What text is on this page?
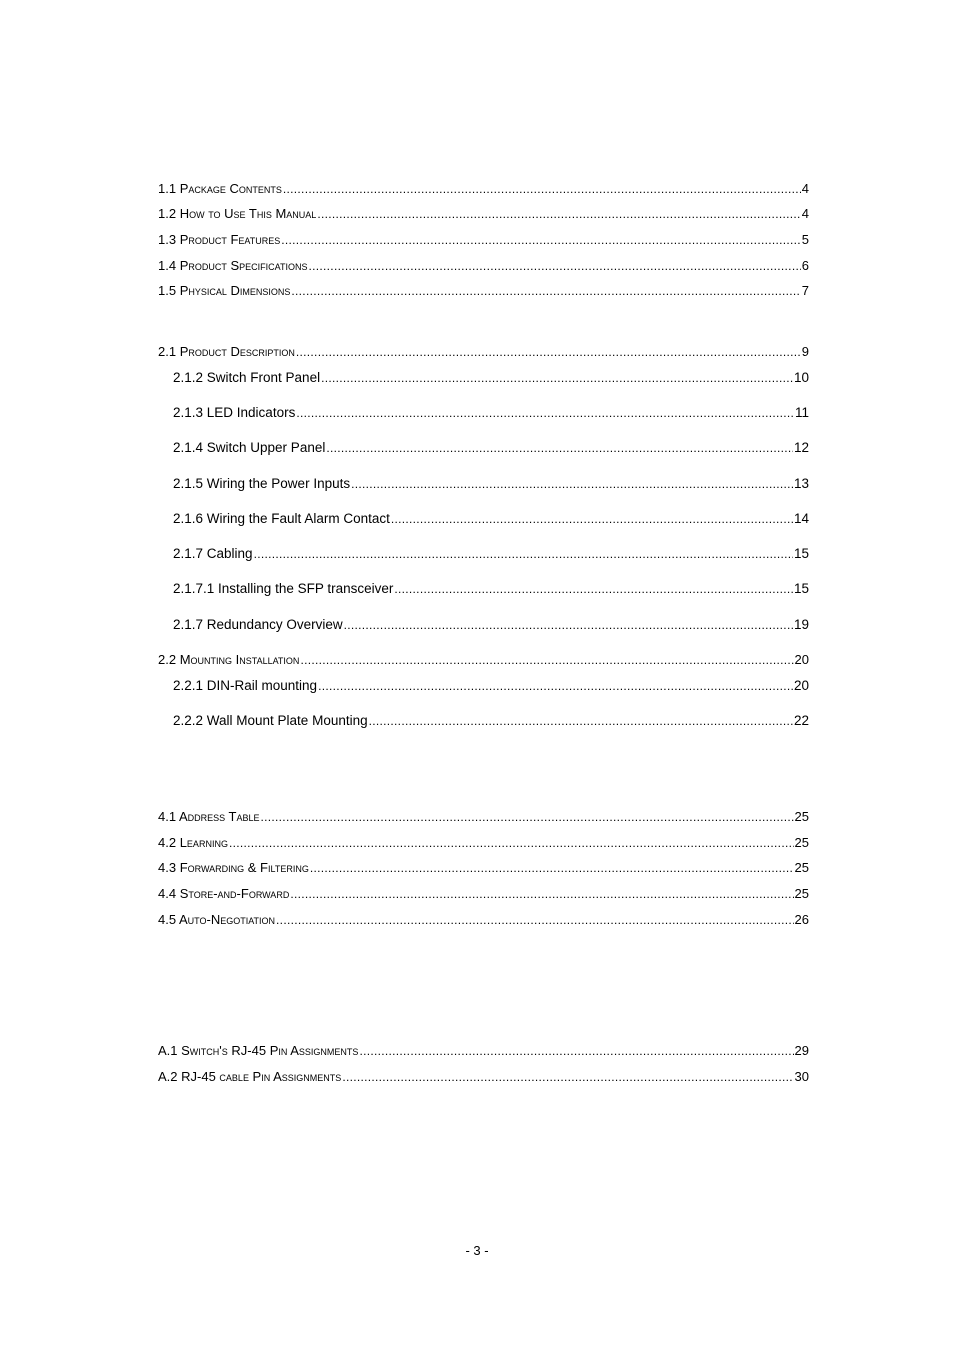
1.1 Package Contents .....	4
1.2 How to Use This Manual .....	4
1.3 Product Features .....	5
1.4 Product Specifications .....	6
1.5 Physical Dimensions .....	7
2.1 Product Description .....	9
2.1.2 Switch Front Panel .....	10
2.1.3 LED Indicators .....	11
2.1.4 Switch Upper Panel .....	12
2.1.5 Wiring the Power Inputs .....	13
2.1.6 Wiring the Fault Alarm Contact .....	14
2.1.7 Cabling .....	15
2.1.7.1 Installing the SFP transceiver .....	15
2.1.7 Redundancy Overview .....	19
2.2 Mounting Installation .....	20
2.2.1 DIN-Rail mounting .....	20
2.2.2 Wall Mount Plate Mounting .....	22
4.1 Address Table .....	25
4.2 Learning .....	25
4.3 Forwarding & Filtering .....	25
4.4 Store-and-Forward .....	25
4.5 Auto-Negotiation .....	26
A.1 Switch's RJ-45 Pin Assignments .....	29
A.2 RJ-45 cable Pin Assignments .....	30
- 3 -
